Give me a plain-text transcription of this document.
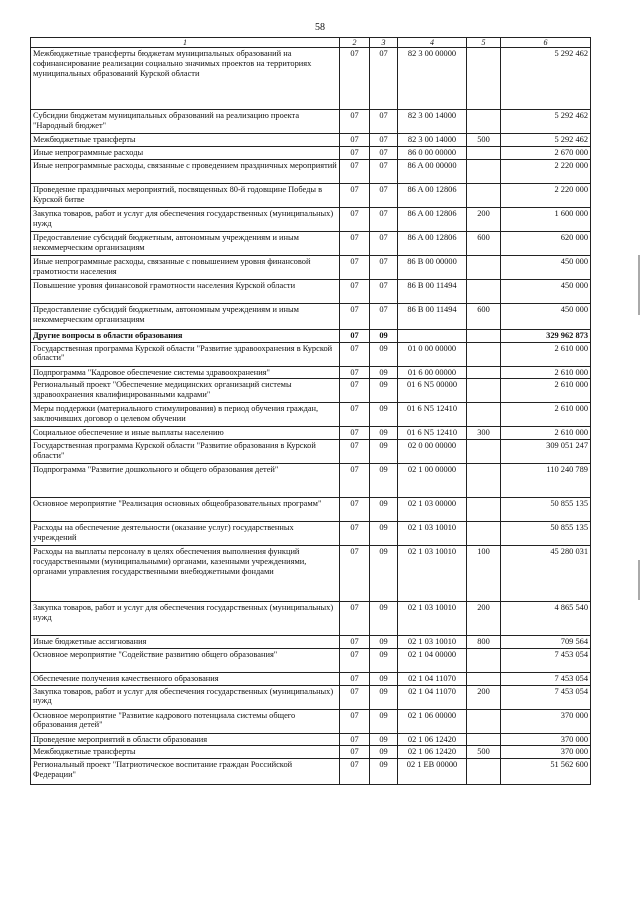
58
1	2	3	4	5	6
Межбюджетные трансферты бюджетам муниципальных образований на софинансирование реализации социально значимых проектов на территориях муниципальных образований Курской области	07	07	82 3 00 00000		5 292 462
Субсидии бюджетам муниципальных образований на реализацию проекта "Народный бюджет"	07	07	82 3 00 14000		5 292 462
Межбюджетные трансферты	07	07	82 3 00 14000	500	5 292 462
Иные непрограммные расходы	07	07	86 0 00 00000		2 670 000
Иные непрограммные расходы, связанные с проведением праздничных мероприятий	07	07	86 A 00 00000		2 220 000
Проведение праздничных мероприятий, посвященных 80-й годовщине Победы в Курской битве	07	07	86 A 00 12806		2 220 000
Закупка товаров, работ и услуг для обеспечения государственных (муниципальных) нужд	07	07	86 A 00 12806	200	1 600 000
Предоставление субсидий бюджетным, автономным учреждениям и иным некоммерческим организациям	07	07	86 A 00 12806	600	620 000
Иные непрограммные расходы, связанные с повышением уровня финансовой грамотности населения	07	07	86 B 00 00000		450 000
Повышение уровня финансовой грамотности населения Курской области	07	07	86 B 00 11494		450 000
Предоставление субсидий бюджетным, автономным учреждениям и иным некоммерческим организациям	07	07	86 B 00 11494	600	450 000
Другие вопросы в области образования	07	09			329 962 873
Государственная программа Курской области "Развитие здравоохранения в Курской области"	07	09	01 0 00 00000		2 610 000
Подпрограмма "Кадровое обеспечение системы здравоохранения"	07	09	01 6 00 00000		2 610 000
Региональный проект "Обеспечение медицинских организаций системы здравоохранения квалифицированными кадрами"	07	09	01 6 N5 00000		2 610 000
Меры поддержки (материального стимулирования) в период обучения граждан, заключивших договор о целевом обучении	07	09	01 6 N5 12410		2 610 000
Социальное обеспечение и иные выплаты населению	07	09	01 6 N5 12410	300	2 610 000
Государственная программа Курской области "Развитие образования в Курской области"	07	09	02 0 00 00000		309 051 247
Подпрограмма "Развитие дошкольного и общего образования детей"	07	09	02 1 00 00000		110 240 789
Основное мероприятие "Реализация основных общеобразовательных программ"	07	09	02 1 03 00000		50 855 135
Расходы на обеспечение деятельности (оказание услуг) государственных учреждений	07	09	02 1 03 10010		50 855 135
Расходы на выплаты персоналу в целях обеспечения выполнения функций государственными (муниципальными) органами, казенными учреждениями, органами управления государственными внебюджетными фондами	07	09	02 1 03 10010	100	45 280 031
Закупка товаров, работ и услуг для обеспечения государственных (муниципальных) нужд	07	09	02 1 03 10010	200	4 865 540
Иные бюджетные ассигнования	07	09	02 1 03 10010	800	709 564
Основное мероприятие "Содействие развитию общего образования"	07	09	02 1 04 00000		7 453 054
Обеспечение получения качественного образования	07	09	02 1 04 11070		7 453 054
Закупка товаров, работ и услуг для обеспечения государственных (муниципальных) нужд	07	09	02 1 04 11070	200	7 453 054
Основное мероприятие "Развитие кадрового потенциала системы общего образования детей"	07	09	02 1 06 00000		370 000
Проведение мероприятий в области образования	07	09	02 1 06 12420		370 000
Межбюджетные трансферты	07	09	02 1 06 12420	500	370 000
Региональный проект "Патриотическое воспитание граждан Российской Федерации"	07	09	02 1 EB 00000		51 562 600
